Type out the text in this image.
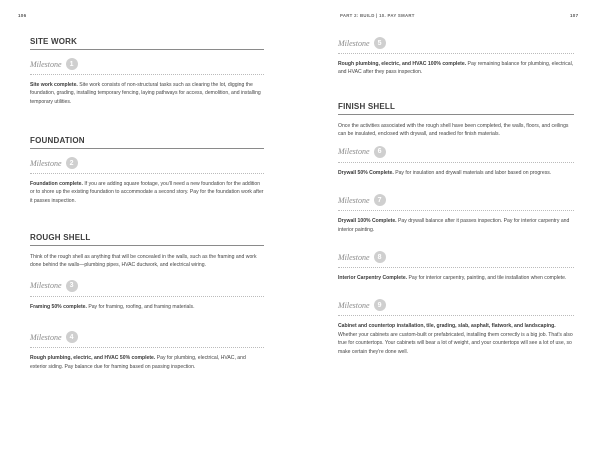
106
SITE WORK
Milestone	1

Site work complete. Site work consists of non-structural tasks such as clearing the lot, digging the foundation, grading, installing temporary fencing, laying pathways for access, demolition, and installing temporary utilities.

FOUNDATION
Milestone	2

Foundation complete. If you are adding square footage, you'll need a new foundation for the addition or to shore up the existing foundation to accommodate a second story. Pay for the foundation work after it passes inspection.

ROUGH SHELL

Think of the rough shell as anything that will be concealed in the walls, such as the framing and work done behind the walls—plumbing pipes, HVAC ductwork, and electrical wiring.

Milestone	3

Framing 50% complete. Pay for framing, roofing, and framing materials.

Milestone	4

Rough plumbing, electric, and HVAC 50% complete. Pay for plumbing, electrical, HVAC, and exterior siding. Pay balance due for framing based on passing inspection.

PART 2: BUILD | 10. PAY SMART	107
Milestone	5

Rough plumbing, electric, and HVAC 100% complete. Pay remaining balance for plumbing, electrical, and HVAC after they pass inspection.

FINISH SHELL

Once the activities associated with the rough shell have been completed, the walls, floors, and ceilings can be insulated, enclosed with drywall, and readied for finish materials.

Milestone	6

Drywall 50% Complete. Pay for insulation and drywall materials and labor based on progress.

Milestone	7

Drywall 100% Complete. Pay drywall balance after it passes inspection. Pay for interior carpentry and interior painting.

Milestone	8

Interior Carpentry Complete. Pay for interior carpentry, painting, and tile installation when complete.

Milestone	9

Cabinet and countertop installation, tile, grading, slab, asphalt, flatwork, and landscaping. Whether your cabinets are custom-built or prefabricated, installing them correctly is a big job. That's also true for countertops. Your cabinets will bear a lot of weight, and your countertops will see a lot of use, so make certain they're done well.
